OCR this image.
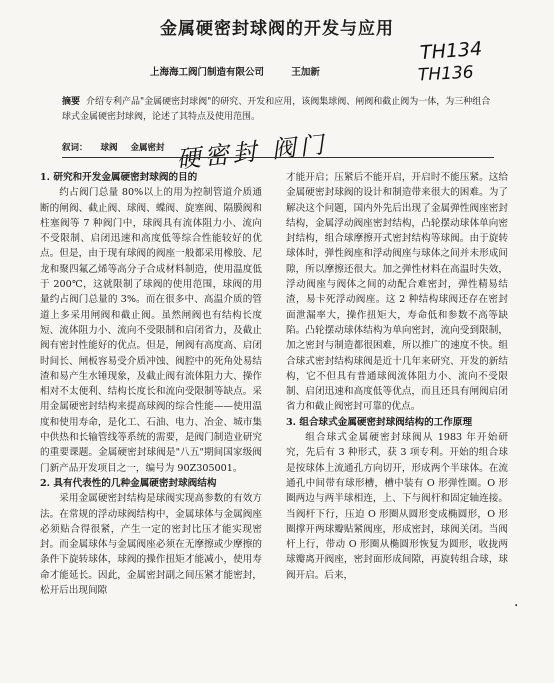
金属硬密封球阀的开发与应用
上海海工阀门制造有限公司	王加新
TH134
TH136
摘要 介绍专利产品"金属硬密封球阀"的研究、开发和应用，该阀集球阀、闸阀和截止阀为一体，为三种组合球式金属硬密封球阀，论述了其特点及使用范围。
叙词： 球阀 金属密封 硬密封 阀门

1. 研究和开发金属硬密封球阀的目的

约占阀门总量 80%以上的用为控制管道介质通断的闸阀、截止阀、球阀、蝶阀、旋塞阀、隔膜阀和柱塞阀等 7 种阀门中，球阀具有流体阻力小、流向不受限制、启闭迅速和高度低等综合性能较好的优点。但是，由于现有球阀的阀座一般都采用橡胶、尼龙和聚四氟乙烯等高分子合成材料制造，使用温度低于 200℃，这就限制了球阀的使用范围，球阀的用量约占阀门总量的 3%。而在很多中、高温介质的管道上多采用闸阀和截止阀。虽然闸阀也有结构长度短、流体阻力小、流向不受限制和启闭省力，及截止阀有密封性能好的优点。但是，闸阀有高度高、启闭时间长、闸板容易受介质冲蚀、阀腔中的死角处易结渣和易产生水锤现象，及截止阀有流体阻力大、操作相对不太便利、结构长度长和流向受限制等缺点。采用金属硬密封结构来提高球阀的综合性能——使用温度和使用寿命，是化工、石油、电力、冶金、城市集中供热和长输管线等系统的需要，是阀门制造业研究的重要课题。金属硬密封球阀是"八五"期间国家级阀门新产品开发项目之一，编号为 90Z305001。

2. 具有代表性的几种金属硬密封球阀结构

采用金属硬密封结构是球阀实现高参数的有效方法。在常规的浮动球阀结构中，金属球体与金属阀座必须贴合得很紧，产生一定的密封比压才能实现密封。而金属球体与金属阀座必须在无摩擦或少摩擦的条件下旋转球体，球阀的操作扭矩才能减小，使用寿命才能延长。因此，金属密封副之间压紧才能密封，松开后出现间隙

才能开启；压紧后不能开启，开启时不能压紧。这给金属硬密封球阀的设计和制造带来很大的困难。为了解决这个问题，国内外先后出现了金属弹性阀座密封结构，金属浮动阀座密封结构，凸轮摆动球体单向密封结构，组合球摩擦开式密封结构等球阀。由于旋转球体时，弹性阀座和浮动阀座与球体之间并未形成间隙，所以摩擦还很大。加之弹性材料在高温时失效，浮动阀座与阀体之间的动配合难密封，弹性精易结渣，易卡死浮动阀座。这 2 种结构球阀还存在密封面泄漏率大，操作扭矩大，寿命低和参数不高等缺陷。凸轮摆动球体结构为单向密封，流向受到限制，加之密封与制造都很困难，所以推广的速度不快。组合球式密封结构球阀是近十几年来研究、开发的新结构，它不但具有普通球阀流体阻力小、流向不受限制、启闭迅速和高度低等优点，而且还具有闸阀启闭省力和截止阀密封可靠的优点。

3. 组合球式金属硬密封球阀结构的工作原理

组合球式金属硬密封球阀从 1983 年开始研究，先后有 3 种形式，获 3 项专利。开始的组合球是按球体上流通孔方向切开，形成两个半球体。在流通孔中间带有球形槽，槽中装有 O 形弹性圈。O 形圈两边与两半球相连，上、下与阀杆和固定轴连接。当阀杆下行，压迫 O 形圈从圆形变成椭圆形，O 形圈撑开两球瓣贴紧阀座，形成密封，球阀关闭。当阀杆上行，带动 O 形圈从椭圆形恢复为圆形，收拢两球瓣离开阀座，密封面形成间隙，再旋转组合球，球阀开启。后来，

·
